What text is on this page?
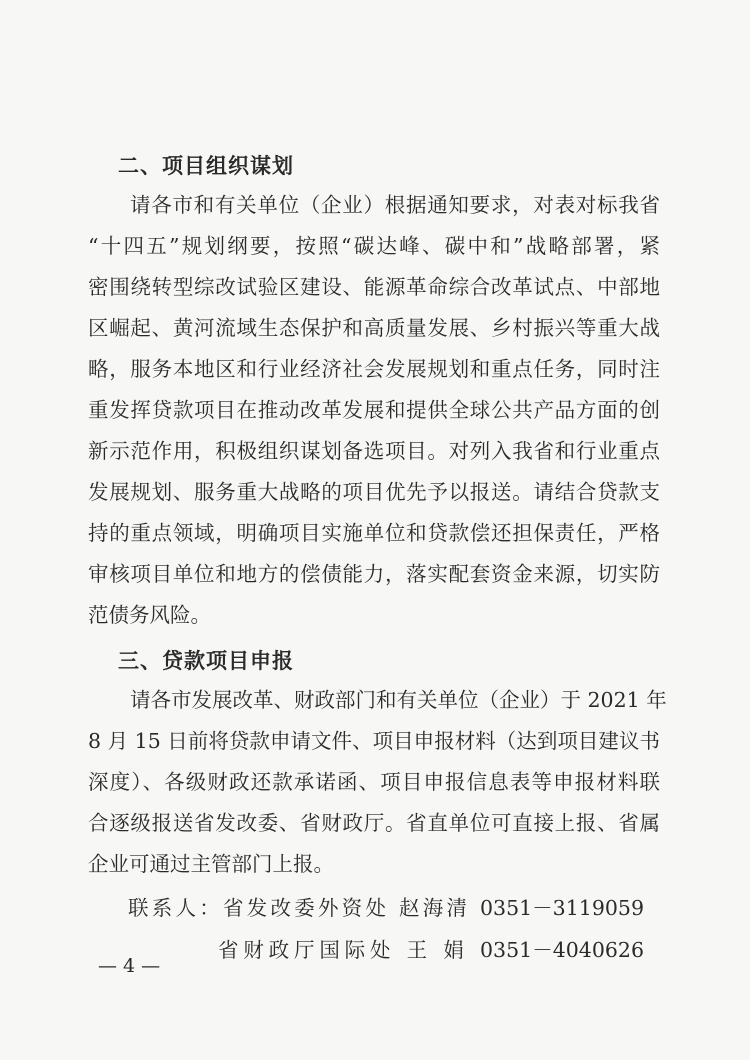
二、项目组织谋划
请各市和有关单位（企业）根据通知要求，对表对标我省
“十四五”规划纲要，按照“碳达峰、碳中和”战略部署，紧
密围绕转型综改试验区建设、能源革命综合改革试点、中部地
区崛起、黄河流域生态保护和高质量发展、乡村振兴等重大战
略，服务本地区和行业经济社会发展规划和重点任务，同时注
重发挥贷款项目在推动改革发展和提供全球公共产品方面的创
新示范作用，积极组织谋划备选项目。对列入我省和行业重点
发展规划、服务重大战略的项目优先予以报送。请结合贷款支
持的重点领域，明确项目实施单位和贷款偿还担保责任，严格
审核项目单位和地方的偿债能力，落实配套资金来源，切实防
范债务风险。
三、贷款项目申报
请各市发展改革、财政部门和有关单位（企业）于 2021 年
8 月 15 日前将贷款申请文件、项目申报材料（达到项目建议书
深度）、各级财政还款承诺函、项目申报信息表等申报材料联
合逐级报送省发改委、省财政厅。省直单位可直接上报、省属
企业可通过主管部门上报。
联系人：省发改委外资处 赵海清 0351－3119059
省财政厅国际处 王 娟 0351－4040626
— 4 —
